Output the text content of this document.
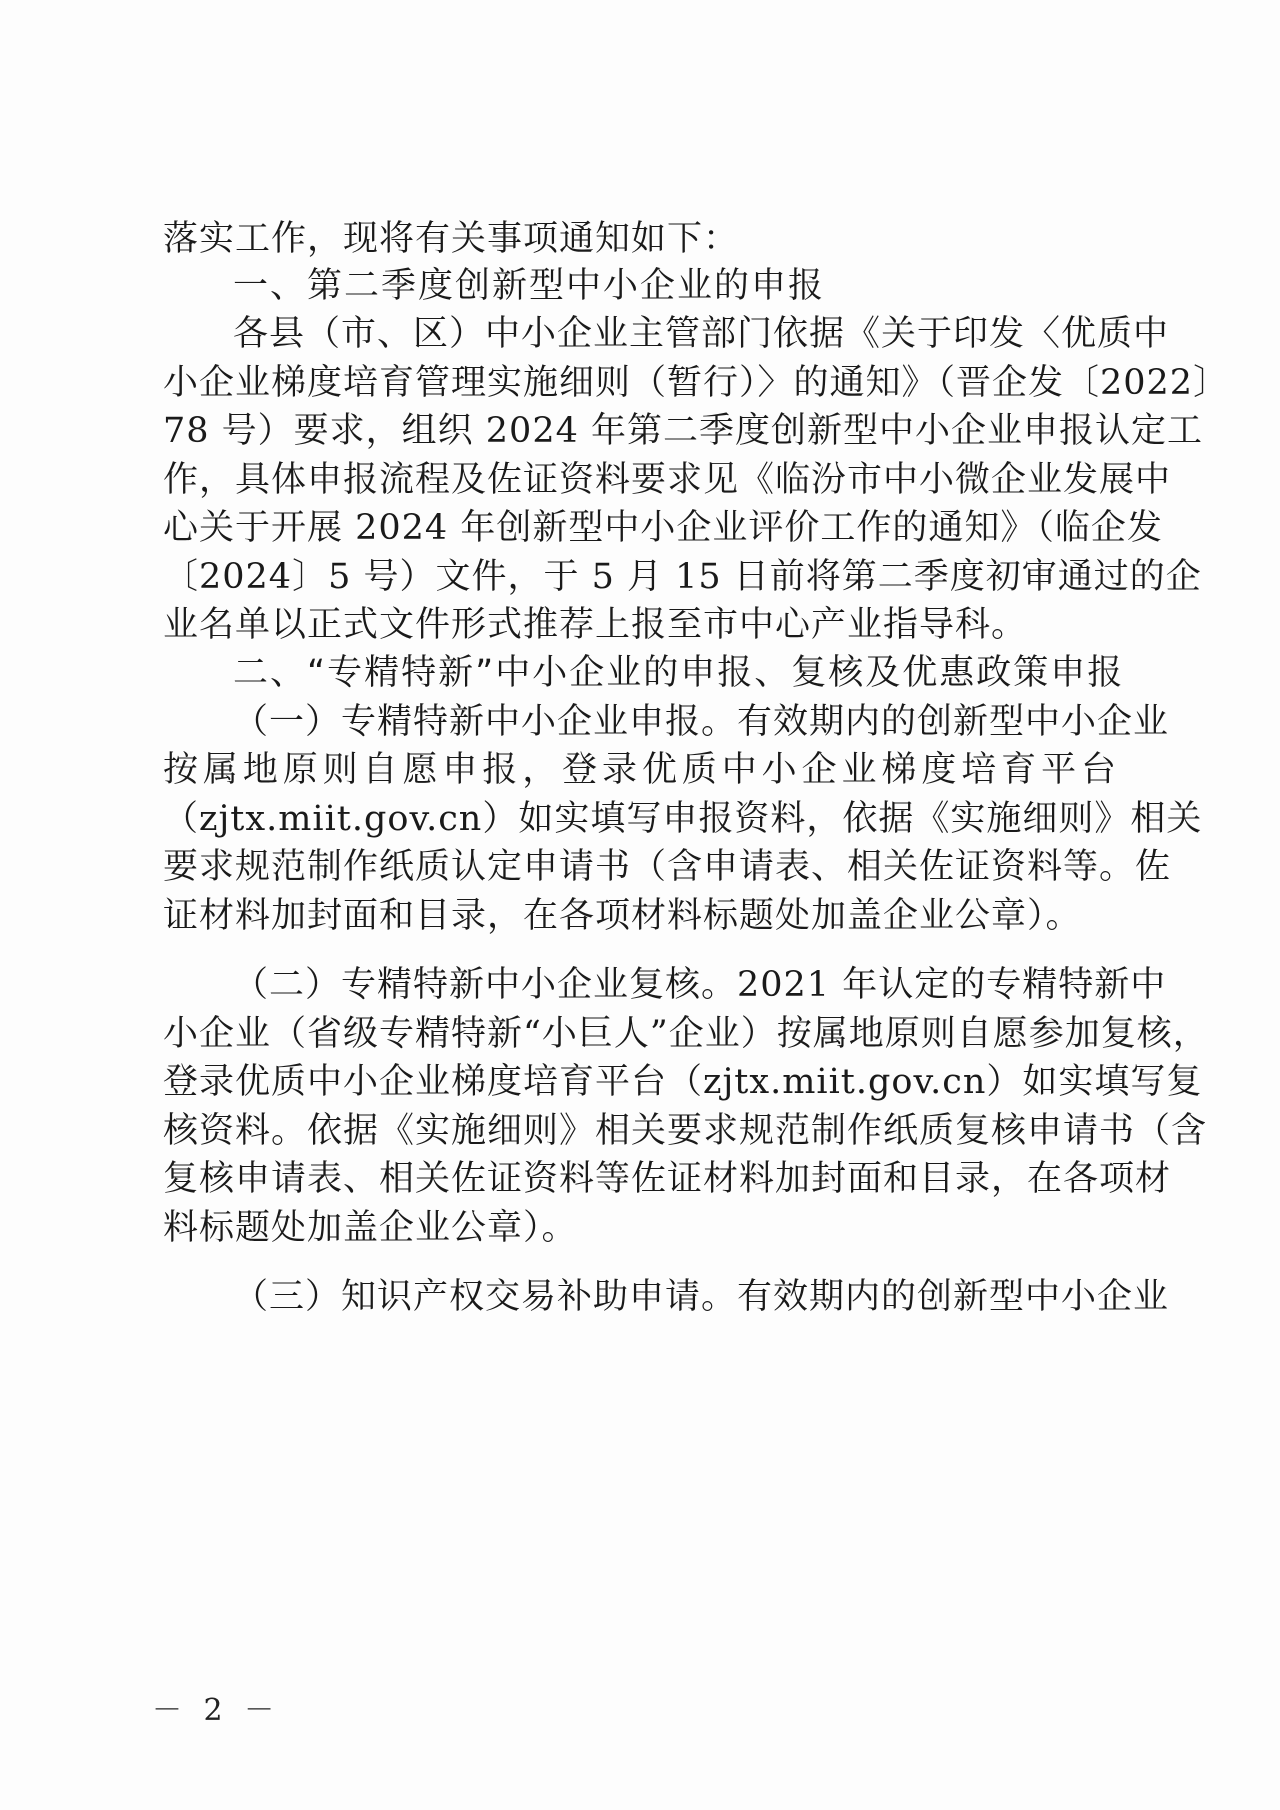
落实工作，现将有关事项通知如下：
一、第二季度创新型中小企业的申报
各县（市、区）中小企业主管部门依据《关于印发〈优质中
小企业梯度培育管理实施细则（暂行）〉的通知》（晋企发〔2022〕
78 号）要求，组织 2024 年第二季度创新型中小企业申报认定工
作，具体申报流程及佐证资料要求见《临汾市中小微企业发展中
心关于开展 2024 年创新型中小企业评价工作的通知》（临企发
〔2024〕5 号）文件，于 5 月 15 日前将第二季度初审通过的企
业名单以正式文件形式推荐上报至市中心产业指导科。
二、“专精特新”中小企业的申报、复核及优惠政策申报
（一）专精特新中小企业申报。有效期内的创新型中小企业
按属地原则自愿申报，登录优质中小企业梯度培育平台
（zjtx.miit.gov.cn）如实填写申报资料，依据《实施细则》相关
要求规范制作纸质认定申请书（含申请表、相关佐证资料等。佐
证材料加封面和目录，在各项材料标题处加盖企业公章）。
（二）专精特新中小企业复核。2021 年认定的专精特新中
小企业（省级专精特新“小巨人”企业）按属地原则自愿参加复核，
登录优质中小企业梯度培育平台（zjtx.miit.gov.cn）如实填写复
核资料。依据《实施细则》相关要求规范制作纸质复核申请书（含
复核申请表、相关佐证资料等佐证材料加封面和目录，在各项材
料标题处加盖企业公章）。
（三）知识产权交易补助申请。有效期内的创新型中小企业
－ 2 －
